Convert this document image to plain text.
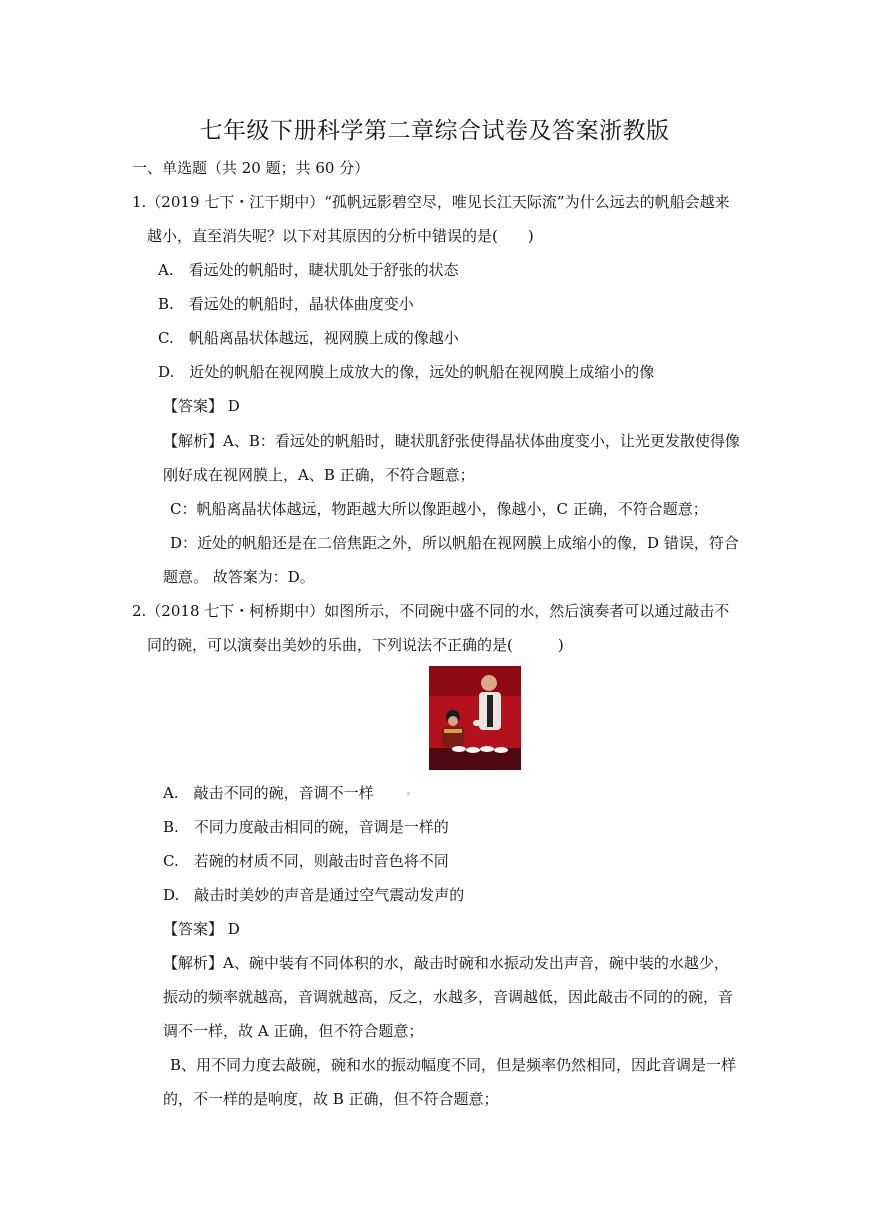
七年级下册科学第二章综合试卷及答案浙教版
一、单选题（共 20 题；共 60 分）
1.（2019 七下・江干期中）“孤帆远影碧空尽，唯见长江天际流”为什么远去的帆船会越来
越小，直至消失呢？以下对其原因的分析中错误的是(　　)
A.　看远处的帆船时，睫状肌处于舒张的状态
B.　看远处的帆船时，晶状体曲度变小
C.　帆船离晶状体越远，视网膜上成的像越小
D.　近处的帆船在视网膜上成放大的像，远处的帆船在视网膜上成缩小的像
【答案】 D
【解析】A、B：看远处的帆船时，睫状肌舒张使得晶状体曲度变小，让光更发散使得像
刚好成在视网膜上，A、B 正确，不符合题意；
C：帆船离晶状体越远，物距越大所以像距越小，像越小，C 正确，不符合题意；
D：近处的帆船还是在二倍焦距之外，所以帆船在视网膜上成缩小的像，D 错误，符合
题意。 故答案为：D。
2.（2018 七下・柯桥期中）如图所示，不同碗中盛不同的水，然后演奏者可以通过敲击不
同的碗，可以演奏出美妙的乐曲，下列说法不正确的是(　　　)
A.　敲击不同的碗，音调不一样	。
B.　不同力度敲击相同的碗，音调是一样的
C.　若碗的材质不同，则敲击时音色将不同
D.　敲击时美妙的声音是通过空气震动发声的
【答案】 D
【解析】A、碗中装有不同体积的水，敲击时碗和水振动发出声音，碗中装的水越少，
振动的频率就越高，音调就越高，反之，水越多，音调越低，因此敲击不同的的碗，音
调不一样，故 A 正确，但不符合题意；
B、用不同力度去敲碗，碗和水的振动幅度不同，但是频率仍然相同，因此音调是一样
的，不一样的是响度，故 B 正确，但不符合题意；
